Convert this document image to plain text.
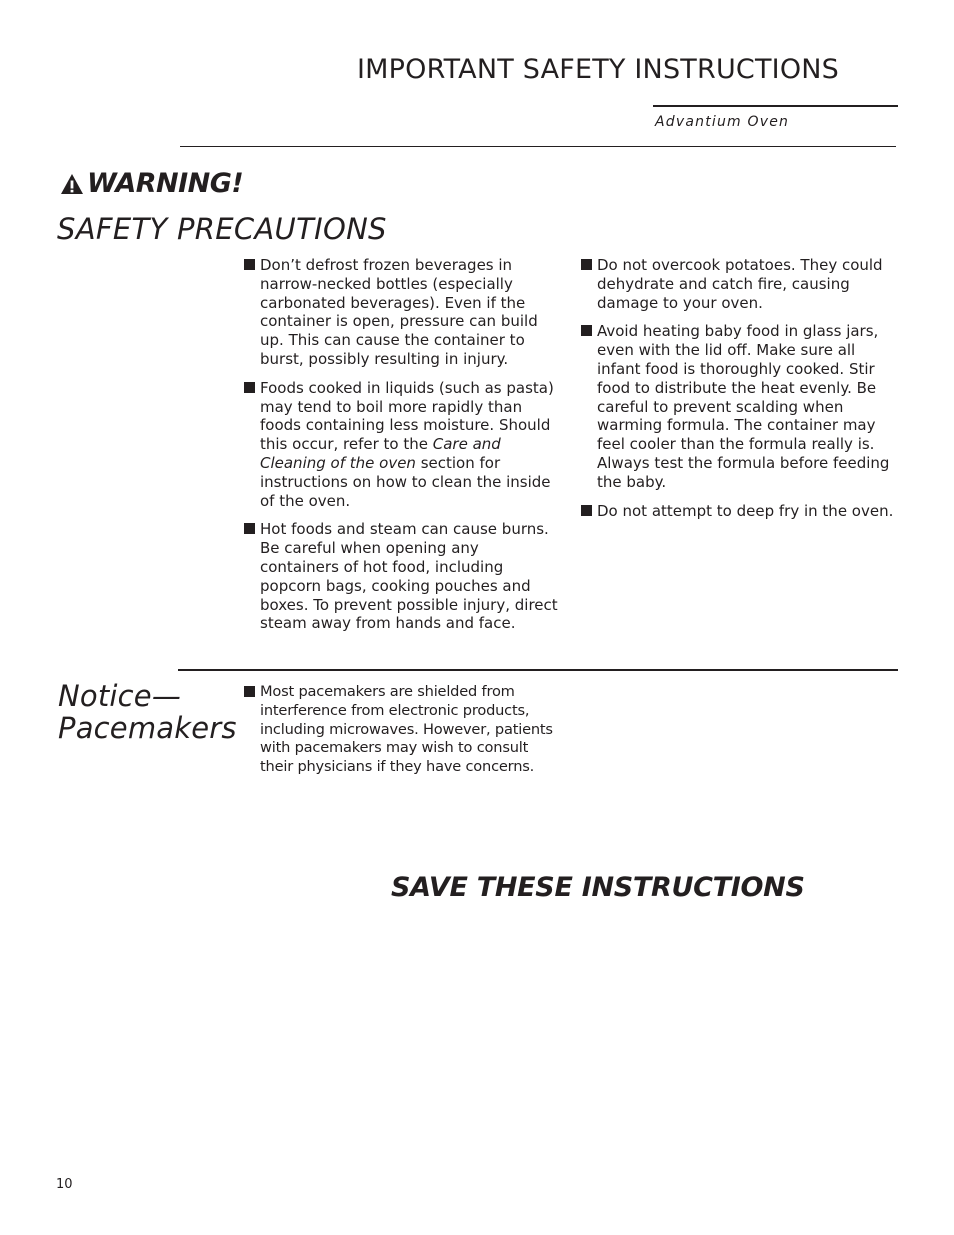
IMPORTANT SAFETY INSTRUCTIONS
Advantium Oven
WARNING!
SAFETY PRECAUTIONS
Don’t defrost frozen beverages in narrow-necked bottles (especially carbonated beverages). Even if the container is open, pressure can build up. This can cause the container to burst, possibly resulting in injury.
Foods cooked in liquids (such as pasta) may tend to boil more rapidly than foods containing less moisture. Should this occur, refer to the Care and Cleaning of the oven section for instructions on how to clean the inside of the oven.
Hot foods and steam can cause burns. Be careful when opening any containers of hot food, including popcorn bags, cooking pouches and boxes. To prevent possible injury, direct steam away from hands and face.
Do not overcook potatoes. They could dehydrate and catch fire, causing damage to your oven.
Avoid heating baby food in glass jars, even with the lid off. Make sure all infant food is thoroughly cooked. Stir food to distribute the heat evenly. Be careful to prevent scalding when warming formula. The container may feel cooler than the formula really is. Always test the formula before feeding the baby.
Do not attempt to deep fry in the oven.
Notice—
Pacemakers
Most pacemakers are shielded from interference from electronic products, including microwaves. However, patients with pacemakers may wish to consult their physicians if they have concerns.
SAVE THESE INSTRUCTIONS
10
